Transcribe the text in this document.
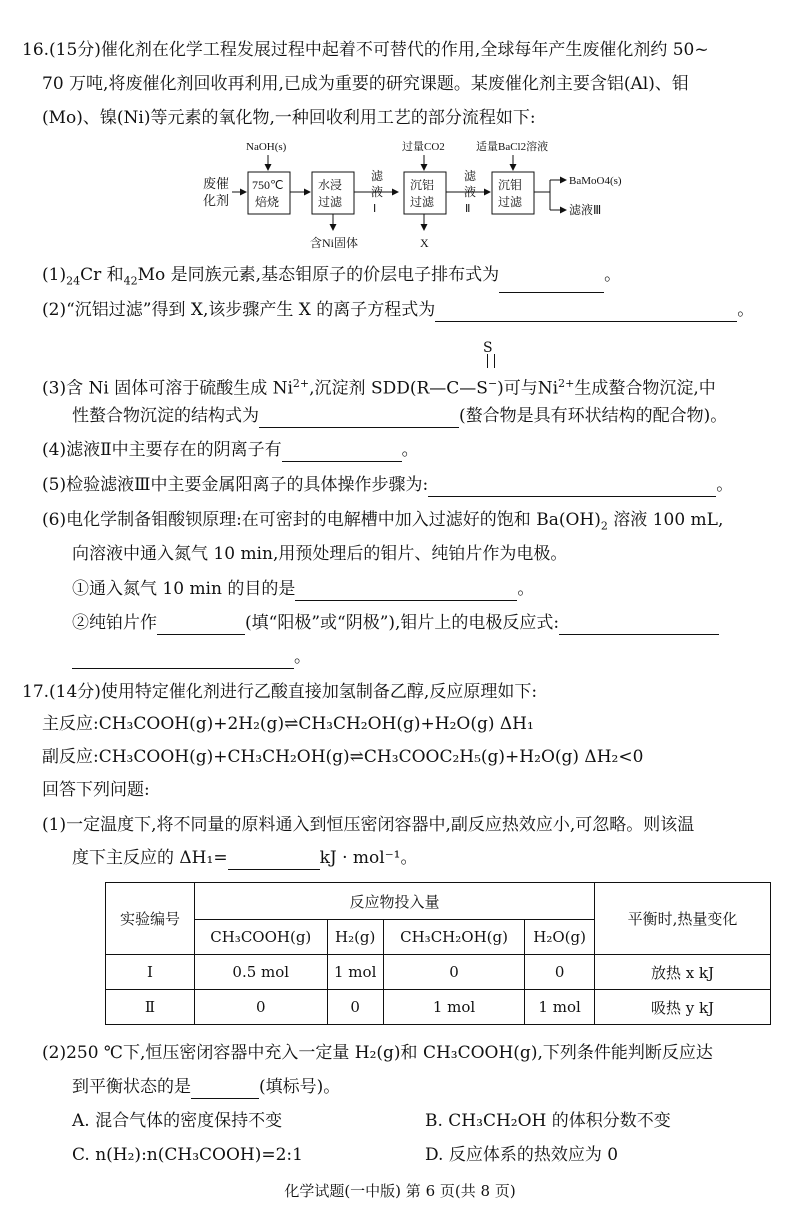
16.(15分)催化剂在化学工程发展过程中起着不可替代的作用,全球每年产生废催化剂约 50~
70 万吨,将废催化剂回收再利用,已成为重要的研究课题。某废催化剂主要含铝(Al)、钼
(Mo)、镍(Ni)等元素的氧化物,一种回收利用工艺的部分流程如下:
废催
化剂
NaOH(s)
750℃
焙烧
水浸
过滤
含Ni固体
滤
液
Ⅰ
过量CO2
沉铝
过滤
X
滤
液
Ⅱ
适量BaCl2溶液
沉钼
过滤
BaMoO4(s)
滤液Ⅲ
$(1)_{24}Cr$ 和$_{42}$Mo 是同族元素,基态钼原子的价层电子排布式为	。
(2)“沉铝过滤”得到 X,该步骤产生 X 的离子方程式为	。
S
(3)含 Ni 固体可溶于硫酸生成 $Ni^{2+}$,沉淀剂 SDD(R—C—S−)可与$Ni^{2+}$生成螯合物沉淀,中
性螯合物沉淀的结构式为	(螯合物是具有环状结构的配合物)。
(4)滤液Ⅱ中主要存在的阴离子有	。
(5)检验滤液Ⅲ中主要金属阳离子的具体操作步骤为:	。
(6)电化学制备钼酸钡原理:在可密封的电解槽中加入过滤好的饱和 $Ba(OH)_2$ 溶液 100 mL,
向溶液中通入氮气 10 min,用预处理后的钼片、纯铂片作为电极。
①通入氮气 10 min 的目的是	。
②纯铂片作	(填“阳极”或“阴极”),钼片上的电极反应式:
。
17.(14分)使用特定催化剂进行乙酸直接加氢制备乙醇,反应原理如下:
主反应:CH₃COOH(g)+2H₂(g)⇌CH₃CH₂OH(g)+H₂O(g) ΔH₁
副反应:CH₃COOH(g)+CH₃CH₂OH(g)⇌CH₃COOC₂H₅(g)+H₂O(g) ΔH₂<0
回答下列问题:
(1)一定温度下,将不同量的原料通入到恒压密闭容器中,副反应热效应小,可忽略。则该温
度下主反应的 ΔH₁=	kJ · mol⁻¹。
实验编号	反应物投入量				平衡时,热量变化
	CH₃COOH(g)	H₂(g)	CH₃CH₂OH(g)	H₂O(g)	
Ⅰ	0.5 mol	1 mol	0	0	放热 x kJ
Ⅱ	0	0	1 mol	1 mol	吸热 y kJ
(2)250 ℃下,恒压密闭容器中充入一定量 H₂(g)和 CH₃COOH(g),下列条件能判断反应达
到平衡状态的是	(填标号)。
A. 混合气体的密度保持不变	B. CH₃CH₂OH 的体积分数不变
C. n(H₂):n(CH₃COOH)=2:1	D. 反应体系的热效应为 0
化学试题(一中版) 第 6 页(共 8 页)
